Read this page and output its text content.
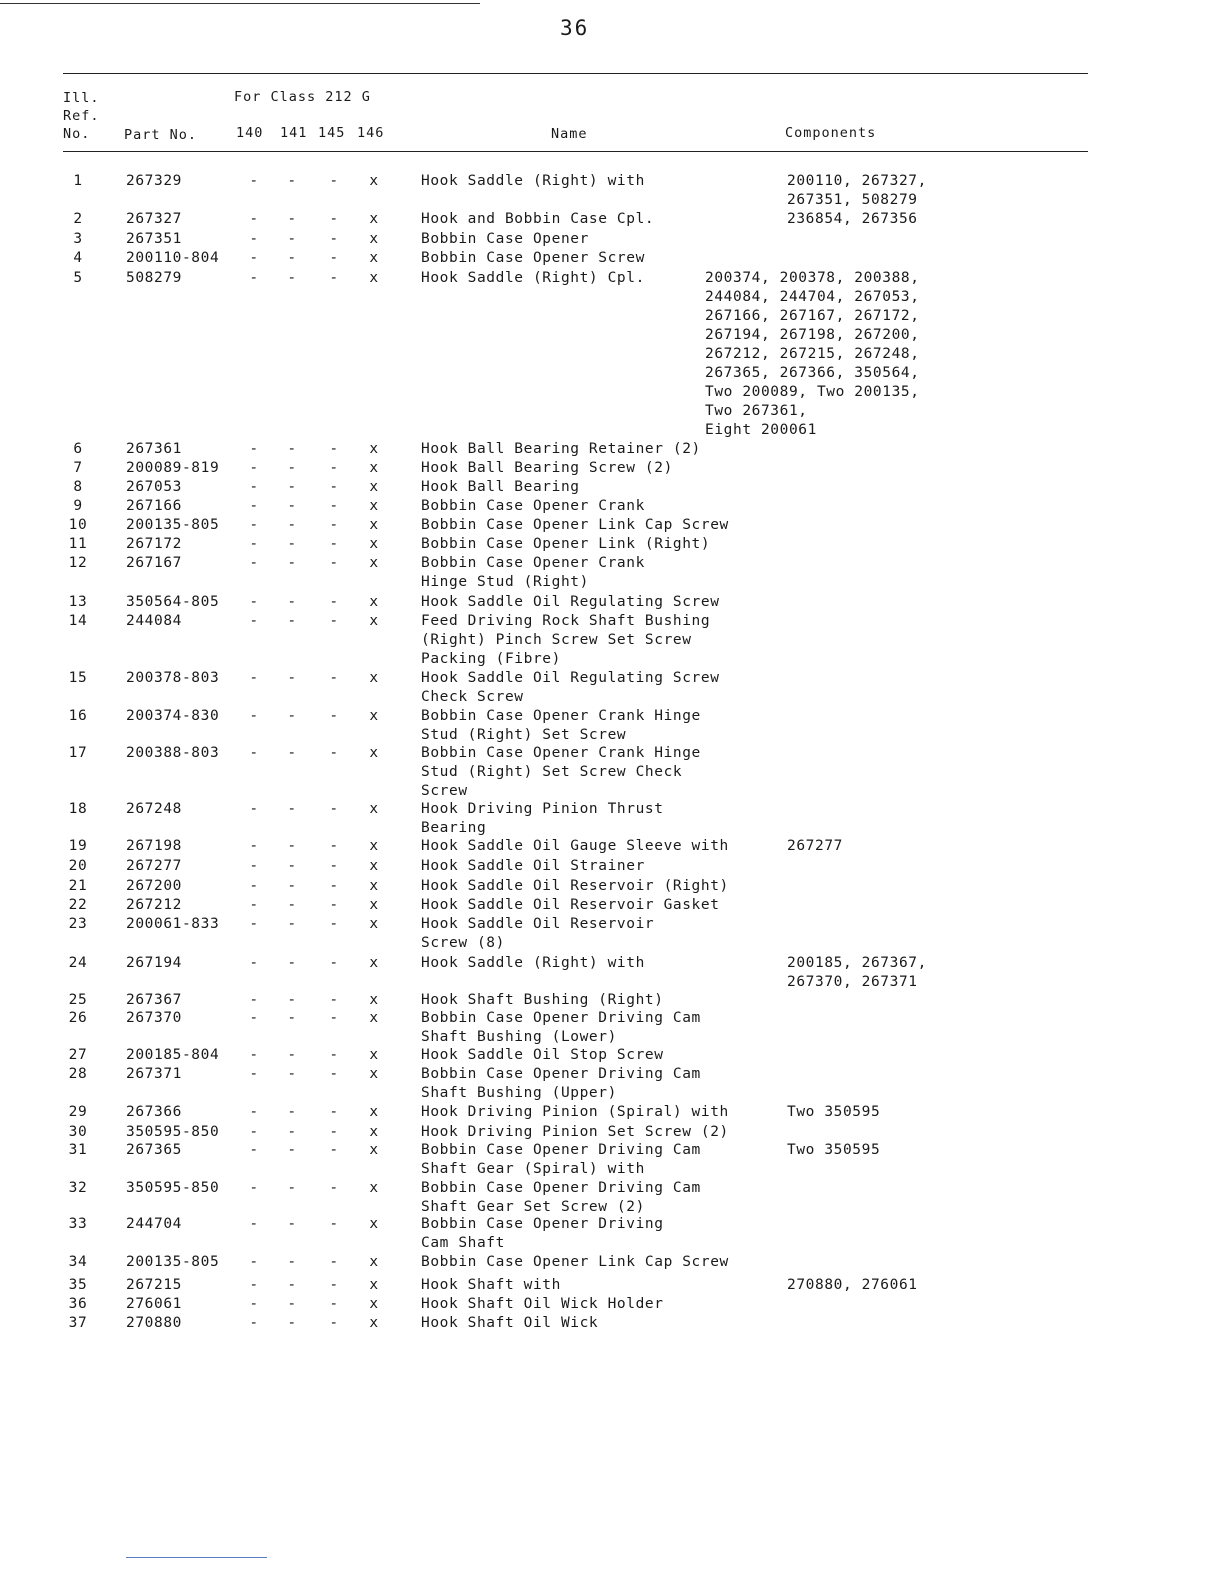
36
Ill.
Ref.
No.
For Class 212 G
Part No.	140 141 145 146	Name	Components
1	267329	-	-	-	x	Hook Saddle (Right) with	200110, 267327,
267351, 508279
2	267327	-	-	-	x	Hook and Bobbin Case Cpl.	236854, 267356
3	267351	-	-	-	x	Bobbin Case Opener
4	200110-804	-	-	-	x	Bobbin Case Opener Screw
5	508279	-	-	-	x	Hook Saddle (Right) Cpl.	200374, 200378, 200388,
244084, 244704, 267053,
267166, 267167, 267172,
267194, 267198, 267200,
267212, 267215, 267248,
267365, 267366, 350564,
Two 200089, Two 200135,
Two 267361,
Eight 200061
6	267361	-	-	-	x	Hook Ball Bearing Retainer (2)
7	200089-819	-	-	-	x	Hook Ball Bearing Screw (2)
8	267053	-	-	-	x	Hook Ball Bearing
9	267166	-	-	-	x	Bobbin Case Opener Crank
10	200135-805	-	-	-	x	Bobbin Case Opener Link Cap Screw
11	267172	-	-	-	x	Bobbin Case Opener Link (Right)
12	267167	-	-	-	x	Bobbin Case Opener Crank
Hinge Stud (Right)
13	350564-805	-	-	-	x	Hook Saddle Oil Regulating Screw
14	244084	-	-	-	x	Feed Driving Rock Shaft Bushing
(Right) Pinch Screw Set Screw
Packing (Fibre)
15	200378-803	-	-	-	x	Hook Saddle Oil Regulating Screw
Check Screw
16	200374-830	-	-	-	x	Bobbin Case Opener Crank Hinge
Stud (Right) Set Screw
17	200388-803	-	-	-	x	Bobbin Case Opener Crank Hinge
Stud (Right) Set Screw Check
Screw
18	267248	-	-	-	x	Hook Driving Pinion Thrust
Bearing
19	267198	-	-	-	x	Hook Saddle Oil Gauge Sleeve with	267277
20	267277	-	-	-	x	Hook Saddle Oil Strainer
21	267200	-	-	-	x	Hook Saddle Oil Reservoir (Right)
22	267212	-	-	-	x	Hook Saddle Oil Reservoir Gasket
23	200061-833	-	-	-	x	Hook Saddle Oil Reservoir
Screw (8)
24	267194	-	-	-	x	Hook Saddle (Right) with	200185, 267367,
267370, 267371
25	267367	-	-	-	x	Hook Shaft Bushing (Right)
26	267370	-	-	-	x	Bobbin Case Opener Driving Cam
Shaft Bushing (Lower)
27	200185-804	-	-	-	x	Hook Saddle Oil Stop Screw
28	267371	-	-	-	x	Bobbin Case Opener Driving Cam
Shaft Bushing (Upper)
29	267366	-	-	-	x	Hook Driving Pinion (Spiral) with	Two 350595
30	350595-850	-	-	-	x	Hook Driving Pinion Set Screw (2)
31	267365	-	-	-	x	Bobbin Case Opener Driving Cam
Shaft Gear (Spiral) with
Two 350595
32	350595-850	-	-	-	x	Bobbin Case Opener Driving Cam
Shaft Gear Set Screw (2)
33	244704	-	-	-	x	Bobbin Case Opener Driving
Cam Shaft
34	200135-805	-	-	-	x	Bobbin Case Opener Link Cap Screw
35	267215	-	-	-	x	Hook Shaft with	270880, 276061
36	276061	-	-	-	x	Hook Shaft Oil Wick Holder
37	270880	-	-	-	x	Hook Shaft Oil Wick
